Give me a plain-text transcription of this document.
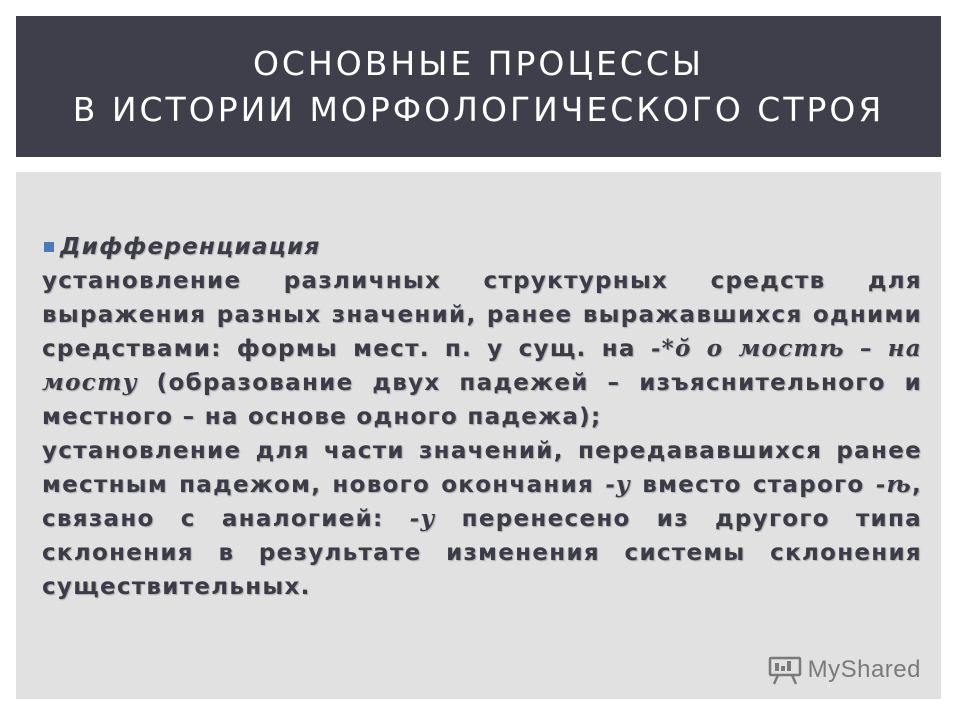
ОСНОВНЫЕ ПРОЦЕССЫ
В ИСТОРИИ МОРФОЛОГИЧЕСКОГО СТРОЯ
Дифференциация
установление различных структурных средств для выражения разных значений, ранее выражавшихся одними средствами: формы мест. п. у сущ. на -*ŏ о мостѣ – на мосту (образование двух падежей – изъяснительного и местного – на основе одного падежа);
установление для части значений, передававшихся ранее местным падежом, нового окончания -у вместо старого -ѣ, связано с аналогией: -у перенесено из другого типа склонения в результате изменения системы склонения существительных.
MyShared
